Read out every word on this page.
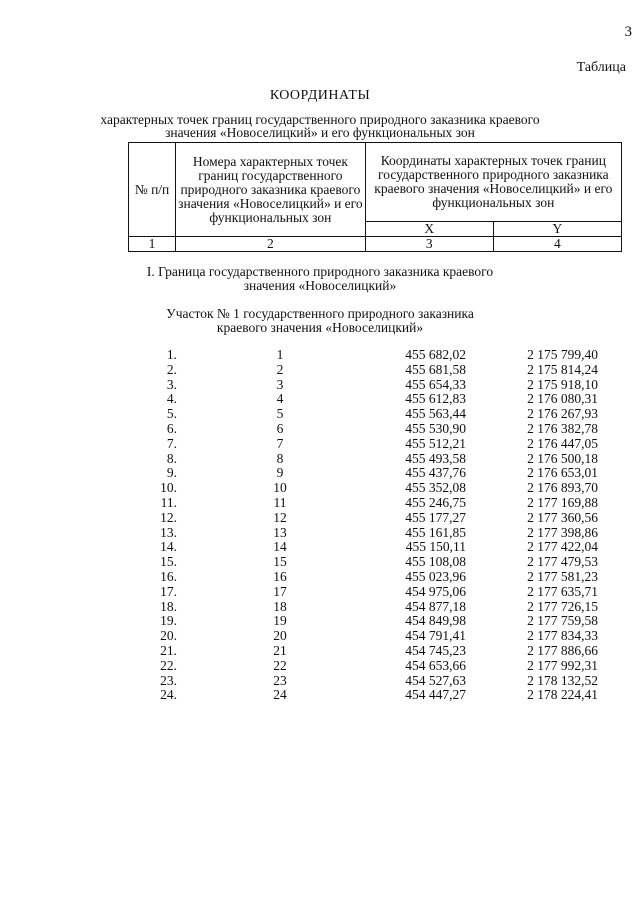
3
Таблица
КООРДИНАТЫ
характерных точек границ государственного природного заказника краевого
значения «Новоселицкий» и его функциональных зон
№ п/п	Номера характерных точек границ государственного природного заказника краевого значения «Новоселицкий» и его функциональных зон	Координаты характерных точек границ государственного природного заказника краевого значения «Новоселицкий» и его функциональных зон	
		X	Y
1	2	3	4
I. Граница государственного природного заказника краевого
значения «Новоселицкий»
Участок № 1 государственного природного заказника
краевого значения «Новоселицкий»
1.	1	455 682,02	2 175 799,40
2.	2	455 681,58	2 175 814,24
3.	3	455 654,33	2 175 918,10
4.	4	455 612,83	2 176 080,31
5.	5	455 563,44	2 176 267,93
6.	6	455 530,90	2 176 382,78
7.	7	455 512,21	2 176 447,05
8.	8	455 493,58	2 176 500,18
9.	9	455 437,76	2 176 653,01
10.	10	455 352,08	2 176 893,70
11.	11	455 246,75	2 177 169,88
12.	12	455 177,27	2 177 360,56
13.	13	455 161,85	2 177 398,86
14.	14	455 150,11	2 177 422,04
15.	15	455 108,08	2 177 479,53
16.	16	455 023,96	2 177 581,23
17.	17	454 975,06	2 177 635,71
18.	18	454 877,18	2 177 726,15
19.	19	454 849,98	2 177 759,58
20.	20	454 791,41	2 177 834,33
21.	21	454 745,23	2 177 886,66
22.	22	454 653,66	2 177 992,31
23.	23	454 527,63	2 178 132,52
24.	24	454 447,27	2 178 224,41
